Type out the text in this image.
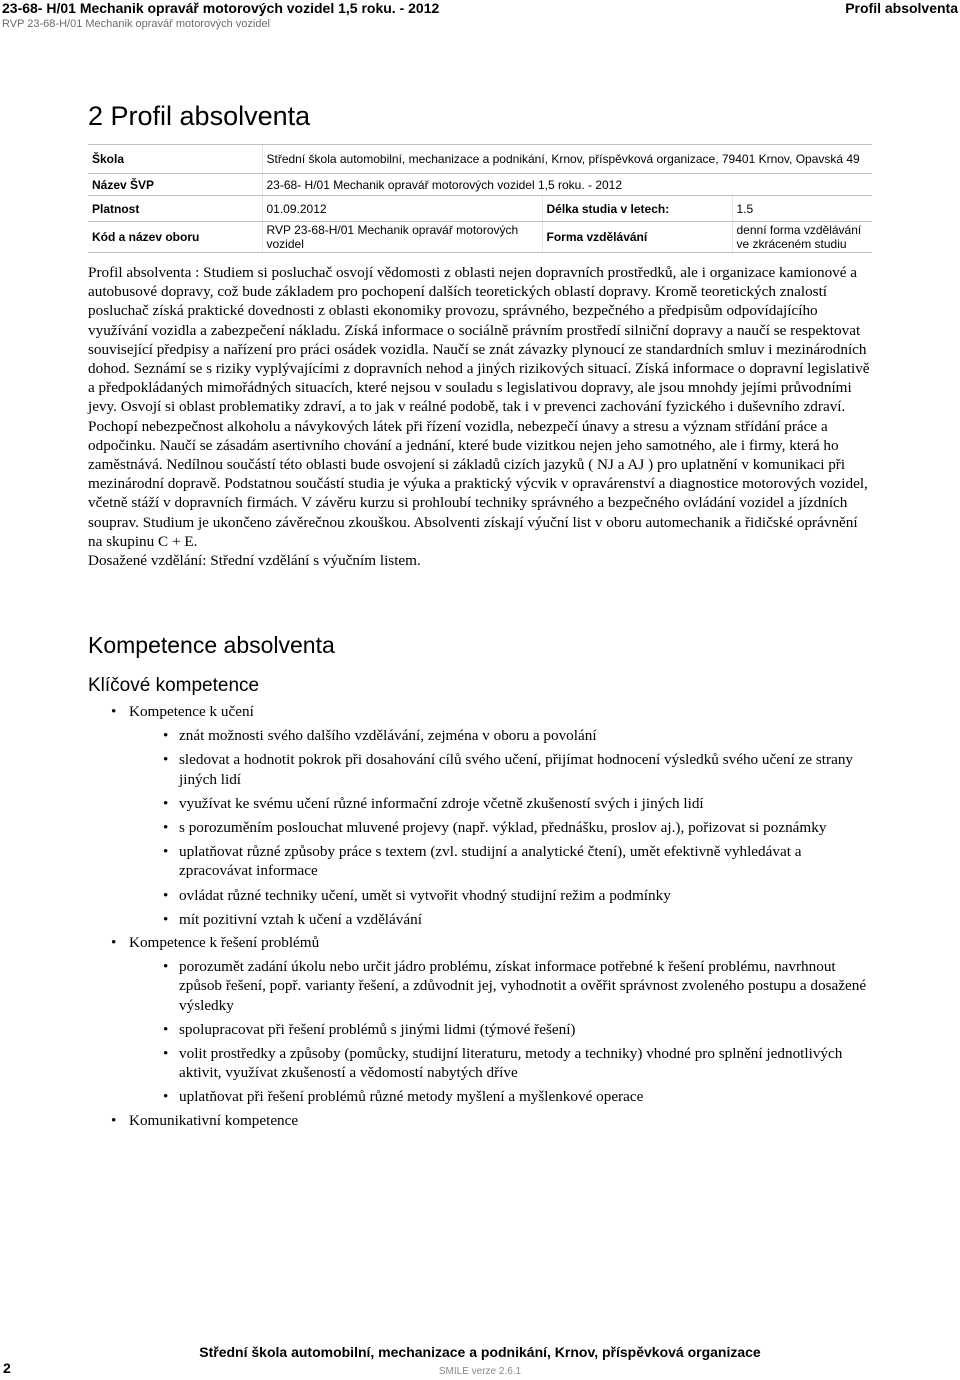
23-68- H/01 Mechanik opravář motorových vozidel 1,5 roku. - 2012	Profil absolventa
RVP 23-68-H/01 Mechanik opravář motorových vozidel
2 Profil absolventa
Škola	Střední škola automobilní, mechanizace a podnikání, Krnov, příspěvková organizace, 79401 Krnov, Opavská 49		
Název ŠVP	23-68- H/01 Mechanik opravář motorových vozidel 1,5 roku. - 2012		
Platnost	01.09.2012	Délka studia v letech:	1.5
Kód a název oboru	RVP 23-68-H/01 Mechanik opravář motorových vozidel	Forma vzdělávání	denní forma vzdělávání ve zkráceném studiu
Profil absolventa : Studiem si posluchač osvojí vědomosti z oblasti nejen dopravních prostředků, ale i organizace kamionové a autobusové dopravy, což bude základem pro pochopení dalších teoretických oblastí dopravy. Kromě teoretických znalostí posluchač získá praktické dovednosti z oblasti ekonomiky provozu, správného, bezpečného a předpisům odpovídajícího využívání vozidla a zabezpečení nákladu. Získá informace o sociálně právním prostředí silniční dopravy a naučí se respektovat související předpisy a nařízení pro práci osádek vozidla. Naučí se znát závazky plynoucí ze standardních smluv i mezinárodních dohod. Seznámí se s riziky vyplývajícími z dopravních nehod a jiných rizikových situací. Získá informace o dopravní legislativě a předpokládaných mimořádných situacích, které nejsou v souladu s legislativou dopravy, ale jsou mnohdy jejími průvodními jevy. Osvojí si oblast problematiky zdraví, a to jak v reálné podobě, tak i v prevenci zachování fyzického i duševního zdraví. Pochopí nebezpečnost alkoholu a návykových látek při řízení vozidla, nebezpečí únavy a stresu a význam střídání práce a odpočinku. Naučí se zásadám asertivního chování a jednání, které bude vizitkou nejen jeho samotného, ale i firmy, která ho zaměstnává. Nedílnou součástí této oblasti bude osvojení si základů cizích jazyků ( NJ a AJ ) pro uplatnění v komunikaci při mezinárodní dopravě. Podstatnou součástí studia je výuka a praktický výcvik v opravárenství a diagnostice motorových vozidel, včetně stáží v dopravních firmách. V závěru kurzu si prohloubí techniky správného a bezpečného ovládání vozidel a jízdních souprav. Studium je ukončeno závěrečnou zkouškou. Absolventi získají výuční list v oboru automechanik a řidičské oprávnění na skupinu C + E.
Dosažené vzdělání: Střední vzdělání s výučním listem.
Kompetence absolventa
Klíčové kompetence
• Kompetence k učení
• znát možnosti svého dalšího vzdělávání, zejména v oboru a povolání
• sledovat a hodnotit pokrok při dosahování cílů svého učení, přijímat hodnocení výsledků svého učení ze strany jiných lidí
• využívat ke svému učení různé informační zdroje včetně zkušeností svých i jiných lidí
• s porozuměním poslouchat mluvené projevy (např. výklad, přednášku, proslov aj.), pořizovat si poznámky
• uplatňovat různé způsoby práce s textem (zvl. studijní a analytické čtení), umět efektivně vyhledávat a zpracovávat informace
• ovládat různé techniky učení, umět si vytvořit vhodný studijní režim a podmínky
• mít pozitivní vztah k učení a vzdělávání
• Kompetence k řešení problémů
• porozumět zadání úkolu nebo určit jádro problému, získat informace potřebné k řešení problému, navrhnout způsob řešení, popř. varianty řešení, a zdůvodnit jej, vyhodnotit a ověřit správnost zvoleného postupu a dosažené výsledky
• spolupracovat při řešení problémů s jinými lidmi (týmové řešení)
• volit prostředky a způsoby (pomůcky, studijní literaturu, metody a techniky) vhodné pro splnění jednotlivých aktivit, využívat zkušeností a vědomostí nabytých dříve
• uplatňovat při řešení problémů různé metody myšlení a myšlenkové operace
• Komunikativní kompetence
2
Střední škola automobilní, mechanizace a podnikání, Krnov, příspěvková organizace
SMILE verze 2.6.1
